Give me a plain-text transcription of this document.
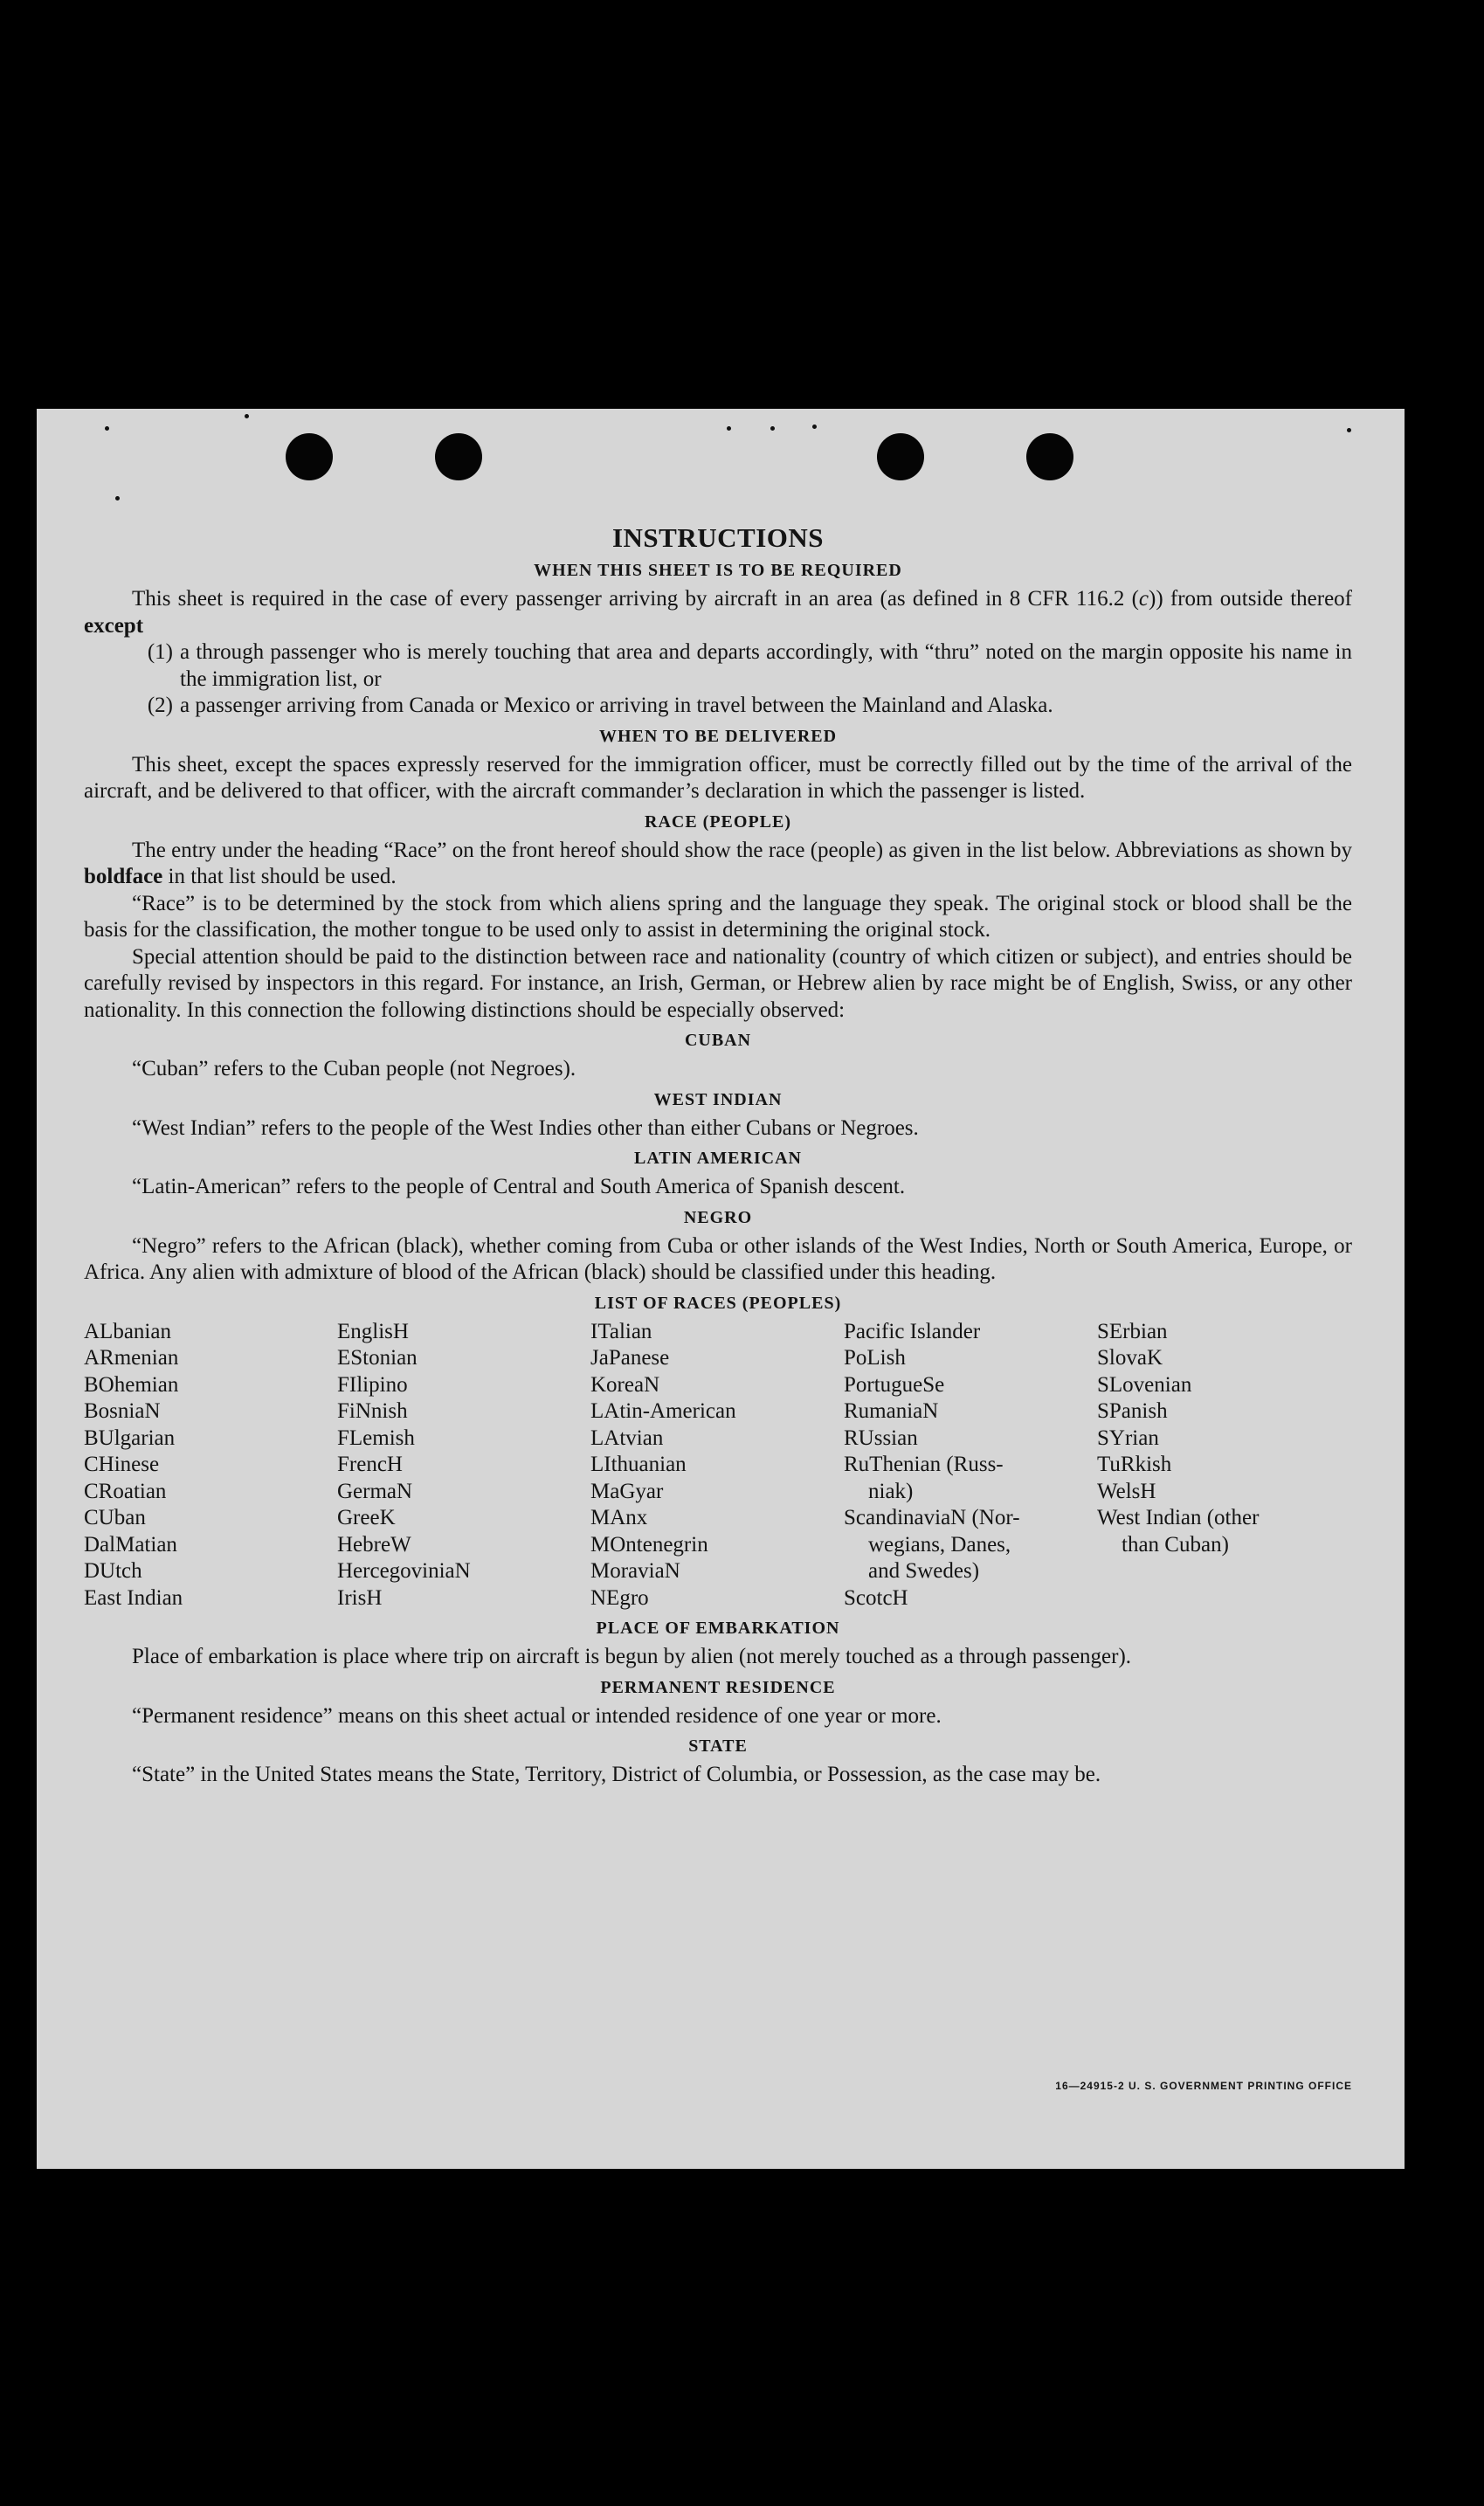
INSTRUCTIONS
WHEN THIS SHEET IS TO BE REQUIRED

This sheet is required in the case of every passenger arriving by aircraft in an area (as defined in 8 CFR 116.2 (c)) from outside thereof except

(1) a through passenger who is merely touching that area and departs accordingly, with “thru” noted on the margin opposite his name in the immigration list, or
(2) a passenger arriving from Canada or Mexico or arriving in travel between the Mainland and Alaska.
WHEN TO BE DELIVERED

This sheet, except the spaces expressly reserved for the immigration officer, must be correctly filled out by the time of the arrival of the aircraft, and be delivered to that officer, with the aircraft commander’s declaration in which the passenger is listed.

RACE (PEOPLE)

The entry under the heading “Race” on the front hereof should show the race (people) as given in the list below. Abbreviations as shown by boldface in that list should be used.

“Race” is to be determined by the stock from which aliens spring and the language they speak. The original stock or blood shall be the basis for the classification, the mother tongue to be used only to assist in determining the original stock.

Special attention should be paid to the distinction between race and nationality (country of which citizen or subject), and entries should be carefully revised by inspectors in this regard. For instance, an Irish, German, or Hebrew alien by race might be of English, Swiss, or any other nationality. In this connection the following distinctions should be especially observed:

CUBAN

“Cuban” refers to the Cuban people (not Negroes).

WEST INDIAN

“West Indian” refers to the people of the West Indies other than either Cubans or Negroes.

LATIN AMERICAN

“Latin-American” refers to the people of Central and South America of Spanish descent.

NEGRO

“Negro” refers to the African (black), whether coming from Cuba or other islands of the West Indies, North or South America, Europe, or Africa. Any alien with admixture of blood of the African (black) should be classified under this heading.

LIST OF RACES (PEOPLES)
ALbanian
ARmenian
BOhemian
BosniaN
BUlgarian
CHinese
CRoatian
CUban
DalMatian
DUtch
East Indian
EnglisH
EStonian
FIlipino
FiNnish
FLemish
FrencH
GermaN
GreeK
HebreW
HercegoviniaN
IrisH
ITalian
JaPanese
KoreaN
LAtin-American
LAtvian
LIthuanian
MaGyar
MAnx
MOntenegrin
MoraviaN
NEgro
Pacific Islander
PoLish
PortugueSe
RumaniaN
RUssian
RuThenian (Russ-
niak)
ScandinaviaN (Nor-
wegians, Danes,
and Swedes)
ScotcH
SErbian
SlovaK
SLovenian
SPanish
SYrian
TuRkish
WelsH
West Indian (other
than Cuban)
PLACE OF EMBARKATION

Place of embarkation is place where trip on aircraft is begun by alien (not merely touched as a through passenger).

PERMANENT RESIDENCE

“Permanent residence” means on this sheet actual or intended residence of one year or more.

STATE

“State” in the United States means the State, Territory, District of Columbia, or Possession, as the case may be.

16—24915-2 U. S. GOVERNMENT PRINTING OFFICE
